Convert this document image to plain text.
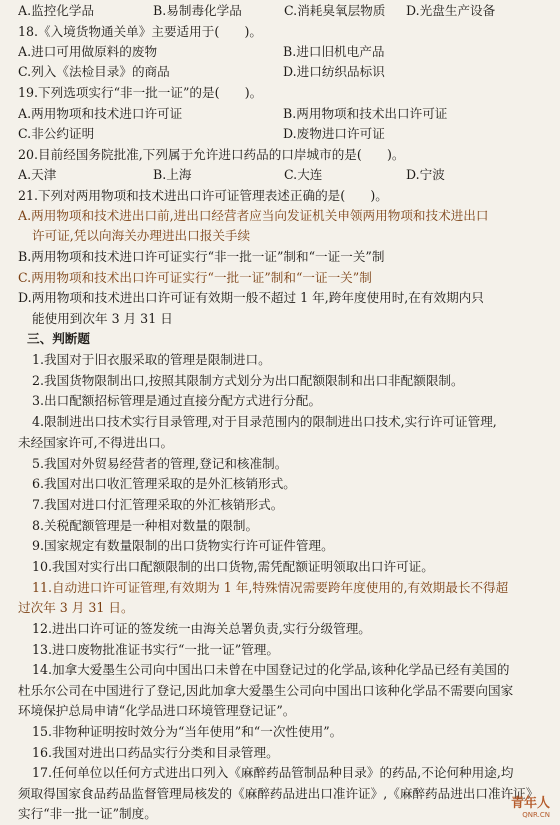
A.监控化学品	B.易制毒化学品	C.消耗臭氧层物质	D.光盘生产设备
18.《入境货物通关单》主要适用于(　　)。
A.进口可用做原料的废物	B.进口旧机电产品
C.列入《法检目录》的商品	D.进口纺织品标识
19.下列选项实行“非一批一证”的是(　　)。
A.两用物项和技术进口许可证	B.两用物项和技术出口许可证
C.非公约证明	D.废物进口许可证
20.目前经国务院批准,下列属于允许进口药品的口岸城市的是(　　)。
A.天津	B.上海	C.大连	D.宁波
21.下列对两用物项和技术进出口许可证管理表述正确的是(　　)。
A.两用物项和技术进出口前,进出口经营者应当向发证机关申领两用物项和技术进出口
许可证,凭以向海关办理进出口报关手续
B.两用物项和技术进口许可证实行“非一批一证”制和“一证一关”制
C.两用物项和技术出口许可证实行“一批一证”制和“一证一关”制
D.两用物项和技术进出口许可证有效期一般不超过 1 年,跨年度使用时,在有效期内只
能使用到次年 3 月 31 日
三、判断题
1.我国对于旧衣服采取的管理是限制进口。
2.我国货物限制出口,按照其限制方式划分为出口配额限制和出口非配额限制。
3.出口配额招标管理是通过直接分配方式进行分配。
4.限制进出口技术实行目录管理,对于目录范围内的限制进出口技术,实行许可证管理,
未经国家许可,不得进出口。
5.我国对外贸易经营者的管理,登记和核准制。
6.我国对出口收汇管理采取的是外汇核销形式。
7.我国对进口付汇管理采取的外汇核销形式。
8.关税配额管理是一种相对数量的限制。
9.国家规定有数量限制的出口货物实行许可证件管理。
10.我国对实行出口配额限制的出口货物,需凭配额证明领取出口许可证。
11.自动进口许可证管理,有效期为 1 年,特殊情况需要跨年度使用的,有效期最长不得超
过次年 3 月 31 日。
12.进出口许可证的签发统一由海关总署负责,实行分级管理。
13.进口废物批准证书实行“一批一证”管理。
14.加拿大爱墨生公司向中国出口未曾在中国登记过的化学品,该种化学品已经有美国的
杜乐尔公司在中国进行了登记,因此加拿大爱墨生公司向中国出口该种化学品不需要向国家
环境保护总局申请“化学品进口环境管理登记证”。
15.非物种证明按时效分为“当年使用”和“一次性使用”。
16.我国对进出口药品实行分类和目录管理。
17.任何单位以任何方式进出口列入《麻醉药品管制品种目录》的药品,不论何种用途,均
须取得国家食品药品监督管理局核发的《麻醉药品进出口准许证》,《麻醉药品进出口准许证》
实行“非一批一证”制度。
青年人
QNR.CN
